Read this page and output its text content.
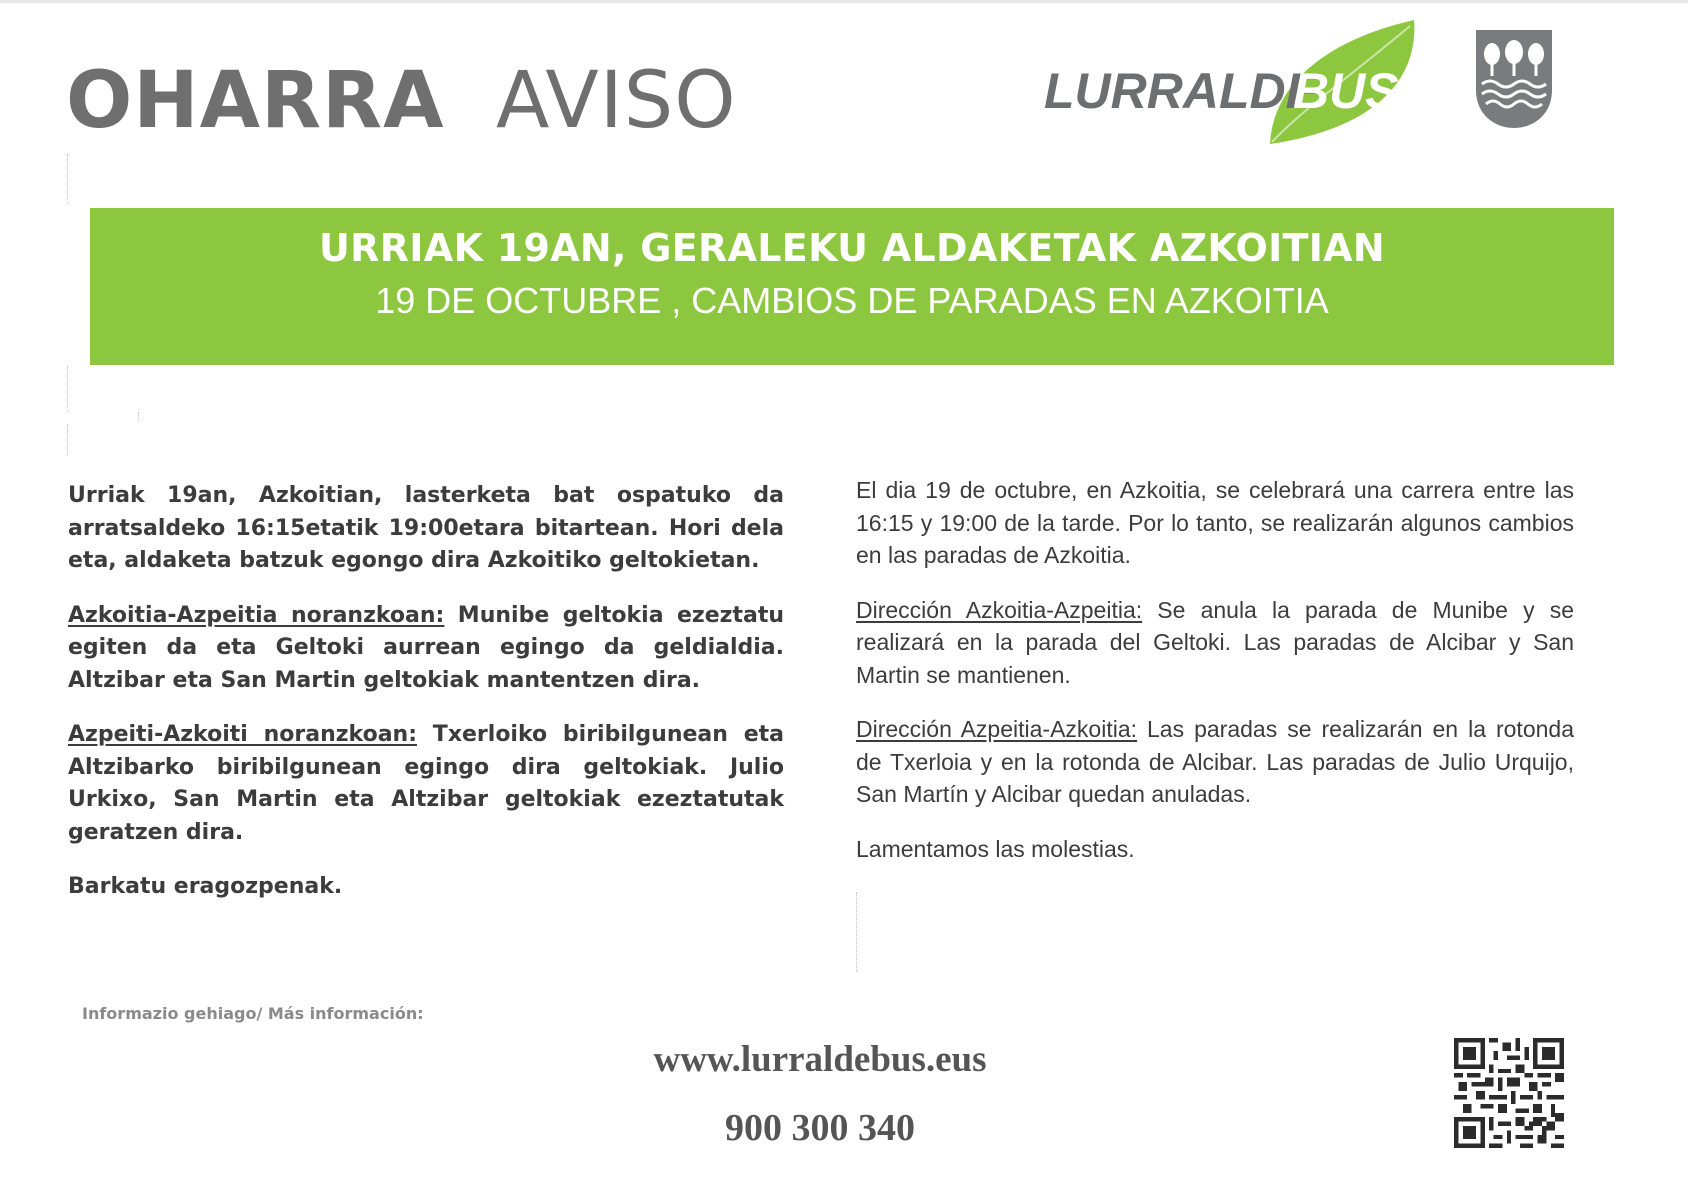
OHARRA AVISO	LURRALDE
BUS
URRIAK 19AN, GERALEKU ALDAKETAK AZKOITIAN
19 DE OCTUBRE , CAMBIOS DE PARADAS EN AZKOITIA

Urriak 19an, Azkoitian, lasterketa bat ospatuko da arratsaldeko 16:15etatik 19:00etara bitartean. Hori dela eta, aldaketa batzuk egongo dira Azkoitiko geltokietan.

Azkoitia-Azpeitia noranzkoan: Munibe geltokia ezeztatu egiten da eta Geltoki aurrean egingo da geldialdia. Altzibar eta San Martin geltokiak mantentzen dira.

Azpeiti-Azkoiti noranzkoan: Txerloiko biribilgunean eta Altzibarko biribilgunean egingo dira geltokiak. Julio Urkixo, San Martin eta Altzibar geltokiak ezeztatutak geratzen dira.

Barkatu eragozpenak.

El dia 19 de octubre, en Azkoitia, se celebrará una carrera entre las 16:15 y 19:00 de la tarde. Por lo tanto, se realizarán algunos cambios en las paradas de Azkoitia.

Dirección Azkoitia-Azpeitia: Se anula la parada de Munibe y se realizará en la parada del Geltoki. Las paradas de Alcibar y San Martin se mantienen.

Dirección Azpeitia-Azkoitia: Las paradas se realizarán en la rotonda de Txerloia y en la rotonda de Alcibar. Las paradas de Julio Urquijo, San Martín y Alcibar quedan anuladas.

Lamentamos las molestias.

Informazio gehiago/ Más información:
www.lurraldebus.eus
900 300 340
